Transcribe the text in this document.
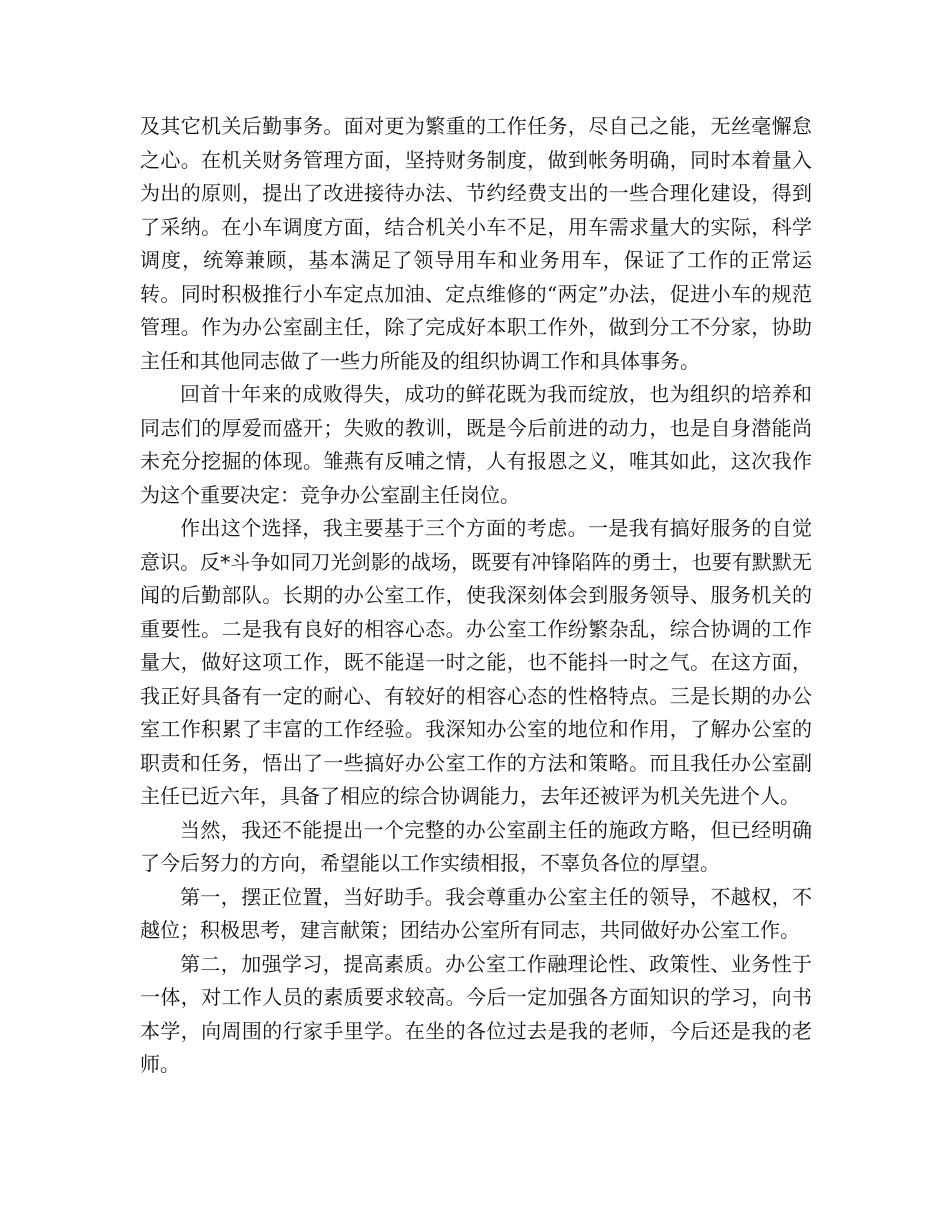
及其它机关后勤事务。面对更为繁重的工作任务，尽自己之能，无丝毫懈怠之心。在机关财务管理方面，坚持财务制度，做到帐务明确，同时本着量入为出的原则，提出了改进接待办法、节约经费支出的一些合理化建设，得到了采纳。在小车调度方面，结合机关小车不足，用车需求量大的实际，科学调度，统筹兼顾，基本满足了领导用车和业务用车，保证了工作的正常运转。同时积极推行小车定点加油、定点维修的“两定”办法，促进小车的规范管理。作为办公室副主任，除了完成好本职工作外，做到分工不分家，协助主任和其他同志做了一些力所能及的组织协调工作和具体事务。

回首十年来的成败得失，成功的鲜花既为我而绽放，也为组织的培养和同志们的厚爱而盛开；失败的教训，既是今后前进的动力，也是自身潜能尚未充分挖掘的体现。雏燕有反哺之情，人有报恩之义，唯其如此，这次我作为这个重要决定：竞争办公室副主任岗位。

作出这个选择，我主要基于三个方面的考虑。一是我有搞好服务的自觉意识。反*斗争如同刀光剑影的战场，既要有冲锋陷阵的勇士，也要有默默无闻的后勤部队。长期的办公室工作，使我深刻体会到服务领导、服务机关的重要性。二是我有良好的相容心态。办公室工作纷繁杂乱，综合协调的工作量大，做好这项工作，既不能逞一时之能，也不能抖一时之气。在这方面，我正好具备有一定的耐心、有较好的相容心态的性格特点。三是长期的办公室工作积累了丰富的工作经验。我深知办公室的地位和作用，了解办公室的职责和任务，悟出了一些搞好办公室工作的方法和策略。而且我任办公室副主任已近六年，具备了相应的综合协调能力，去年还被评为机关先进个人。

当然，我还不能提出一个完整的办公室副主任的施政方略，但已经明确了今后努力的方向，希望能以工作实绩相报，不辜负各位的厚望。

第一，摆正位置，当好助手。我会尊重办公室主任的领导，不越权，不越位；积极思考，建言献策；团结办公室所有同志，共同做好办公室工作。

第二，加强学习，提高素质。办公室工作融理论性、政策性、业务性于一体，对工作人员的素质要求较高。今后一定加强各方面知识的学习，向书本学，向周围的行家手里学。在坐的各位过去是我的老师，今后还是我的老师。
